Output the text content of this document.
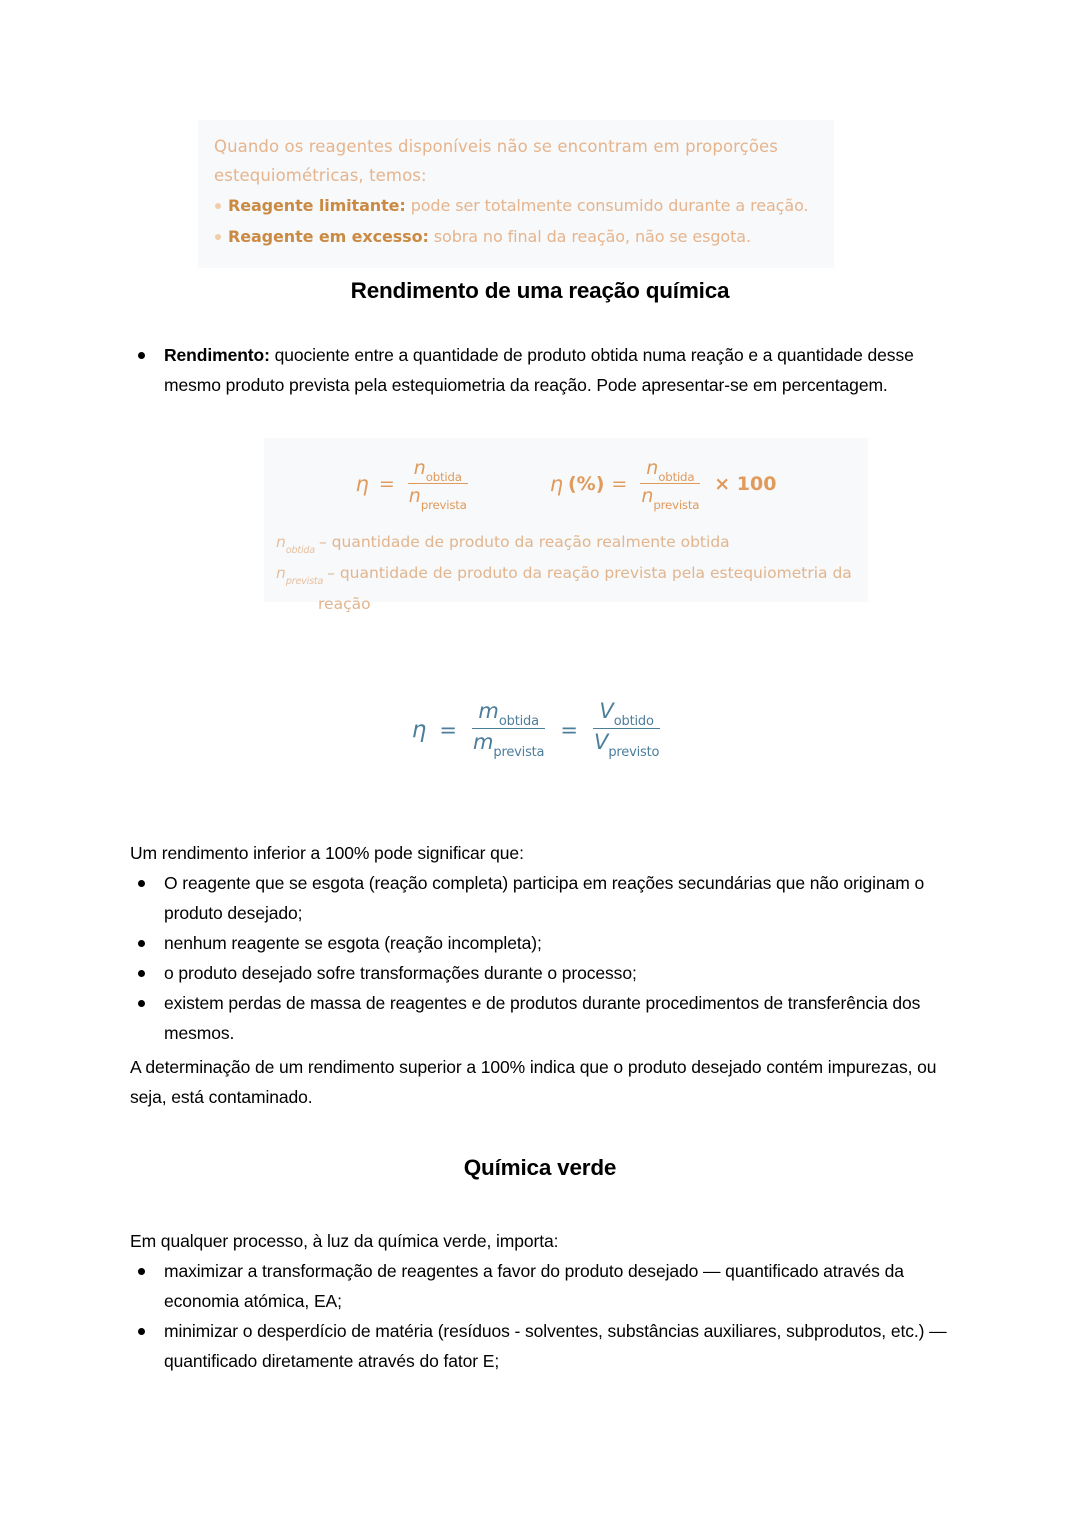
Quando os reagentes disponíveis não se encontram em proporções estequiométricas, temos:
Reagente limitante: pode ser totalmente consumido durante a reação.
Reagente em excesso: sobra no final da reação, não se esgota.
Rendimento de uma reação química
Rendimento: quociente entre a quantidade de produto obtida numa reação e a quantidade desse mesmo produto prevista pela estequiometria da reação. Pode apresentar-se em percentagem.
$\eta = \frac{n_{obtida}}{n_{prevista}}$	η (%) = $\frac{n_{obtida}}{n_{prevista}} \times 100$
$n_{obtida}$ – quantidade de produto da reação realmente obtida
$n_{prevista}$ – quantidade de produto da reação prevista pela estequiometria da
reação
$\eta = \frac{m_{obtida}}{m_{prevista}} = \frac{V_{obtido}}{V_{previsto}}$
Um rendimento inferior a 100% pode significar que:
O reagente que se esgota (reação completa) participa em reações secundárias que não originam o produto desejado;
nenhum reagente se esgota (reação incompleta);
o produto desejado sofre transformações durante o processo;
existem perdas de massa de reagentes e de produtos durante procedimentos de transferência dos mesmos.
A determinação de um rendimento superior a 100% indica que o produto desejado contém impurezas, ou seja, está contaminado.
Química verde
Em qualquer processo, à luz da química verde, importa:
maximizar a transformação de reagentes a favor do produto desejado — quantificado através da economia atómica, EA;
minimizar o desperdício de matéria (resíduos - solventes, substâncias auxiliares, subprodutos, etc.) — quantificado diretamente através do fator E;
